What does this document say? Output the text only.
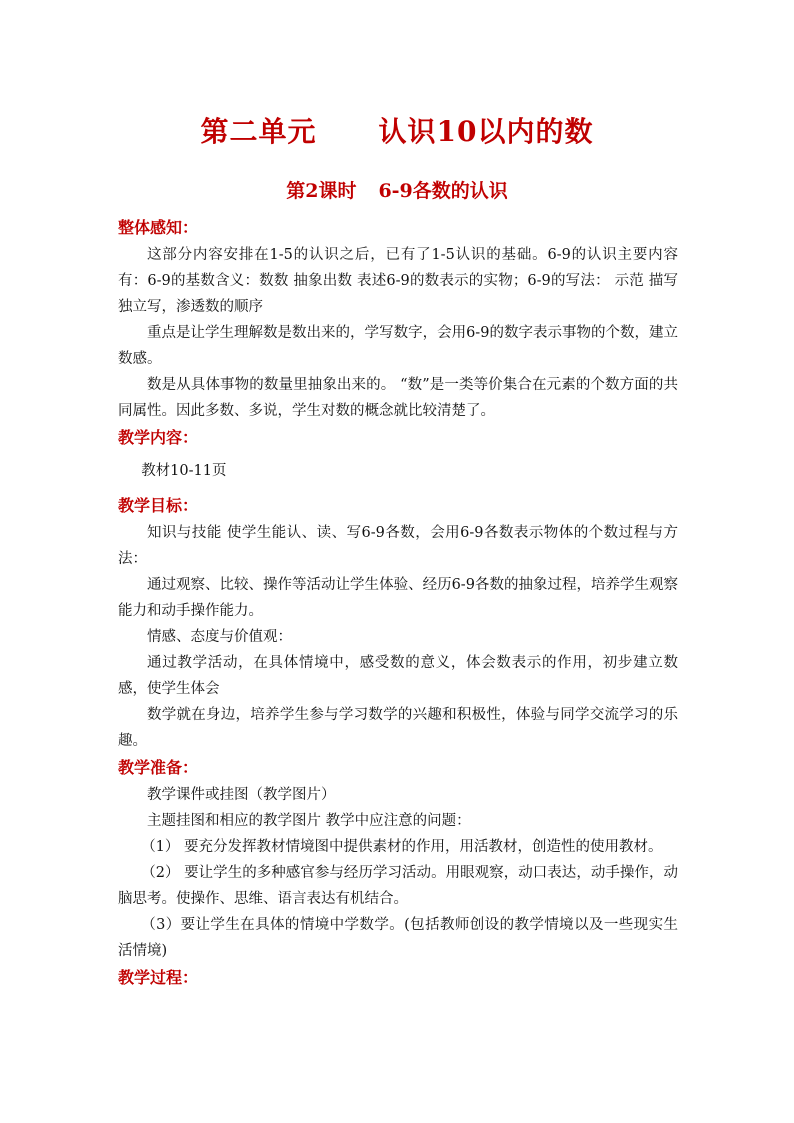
第二单元 认识10以内的数
第2课时 6-9各数的认识
整体感知：

这部分内容安排在1-5的认识之后，已有了1-5认识的基础。6-9的认识主要内容有：6-9的基数含义：数数 抽象出数 表述6-9的数表示的实物；6-9的写法： 示范 描写 独立写，渗透数的顺序

重点是让学生理解数是数出来的，学写数字，会用6-9的数字表示事物的个数，建立数感。

数是从具体事物的数量里抽象出来的。 “数”是一类等价集合在元素的个数方面的共同属性。因此多数、多说，学生对数的概念就比较清楚了。

教学内容：

教材10-11页

教学目标：

知识与技能 使学生能认、读、写6-9各数，会用6-9各数表示物体的个数过程与方法：

通过观察、比较、操作等活动让学生体验、经历6-9各数的抽象过程，培养学生观察能力和动手操作能力。

情感、态度与价值观：

通过教学活动，在具体情境中，感受数的意义，体会数表示的作用，初步建立数感，使学生体会

数学就在身边，培养学生参与学习数学的兴趣和积极性，体验与同学交流学习的乐趣。

教学准备：

教学课件或挂图（教学图片）

主题挂图和相应的教学图片 教学中应注意的问题：

（1） 要充分发挥教材情境图中提供素材的作用，用活教材，创造性的使用教材。

（2） 要让学生的多种感官参与经历学习活动。用眼观察，动口表达，动手操作，动脑思考。使操作、思维、语言表达有机结合。

（3）要让学生在具体的情境中学数学。(包括教师创设的教学情境以及一些现实生活情境)

教学过程：
